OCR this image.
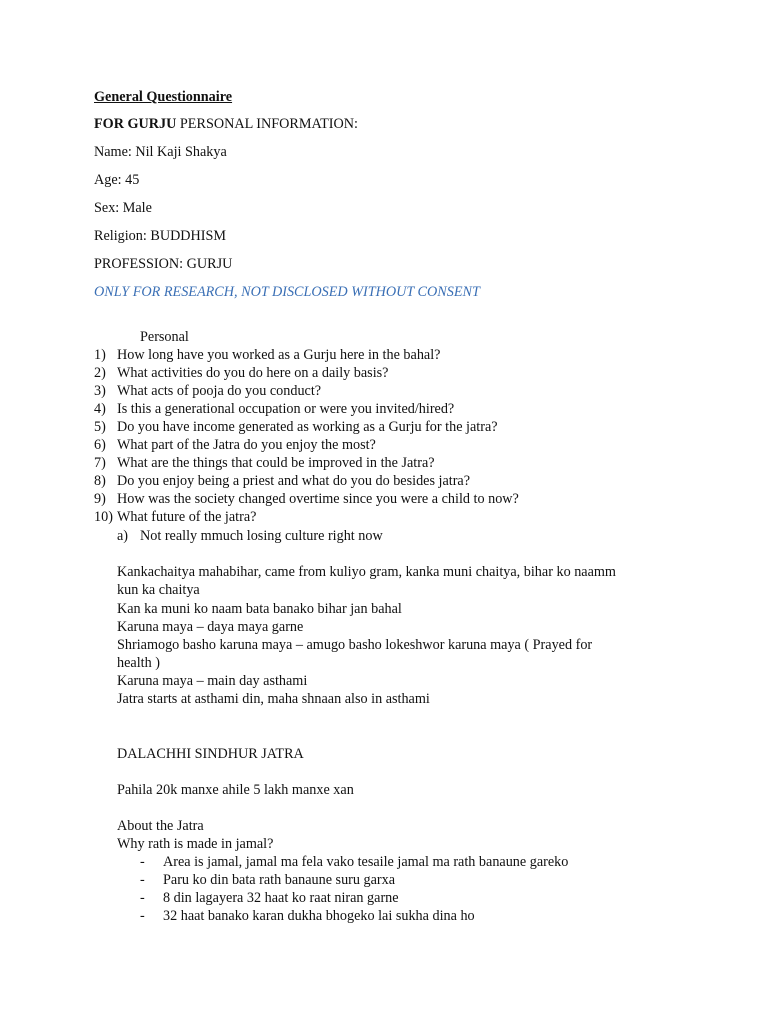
General Questionnaire
FOR GURJU PERSONAL INFORMATION:
Name: Nil Kaji Shakya
Age: 45
Sex: Male
Religion: BUDDHISM
PROFESSION: GURJU
ONLY FOR RESEARCH, NOT DISCLOSED WITHOUT CONSENT
Personal
1) How long have you worked as a Gurju here in the bahal?
2) What activities do you do here on a daily basis?
3) What acts of pooja do you conduct?
4) Is this a generational occupation or were you invited/hired?
5) Do you have income generated as working as a Gurju for the jatra?
6) What part of the Jatra do you enjoy the most?
7) What are the things that could be improved in the Jatra?
8) Do you enjoy being a priest and what do you do besides jatra?
9) How was the society changed overtime since you were a child to now?
10) What future of the jatra?
a) Not really mmuch losing culture right now
Kankachaitya mahabihar, came from kuliyo gram, kanka muni chaitya, bihar ko naamm
kun ka chaitya
Kan ka muni ko naam bata banako bihar jan bahal
Karuna maya – daya maya garne
Shriamogo basho karuna maya – amugo basho lokeshwor karuna maya ( Prayed for
health )
Karuna maya – main day asthami
Jatra starts at asthami din, maha shnaan also in asthami
DALACHHI SINDHUR JATRA
Pahila 20k manxe ahile 5 lakh manxe xan
About the Jatra
Why rath is made in jamal?
- Area is jamal, jamal ma fela vako tesaile jamal ma rath banaune gareko
- Paru ko din bata rath banaune suru garxa
- 8 din lagayera 32 haat ko raat niran garne
- 32 haat banako karan dukha bhogeko lai sukha dina ho
